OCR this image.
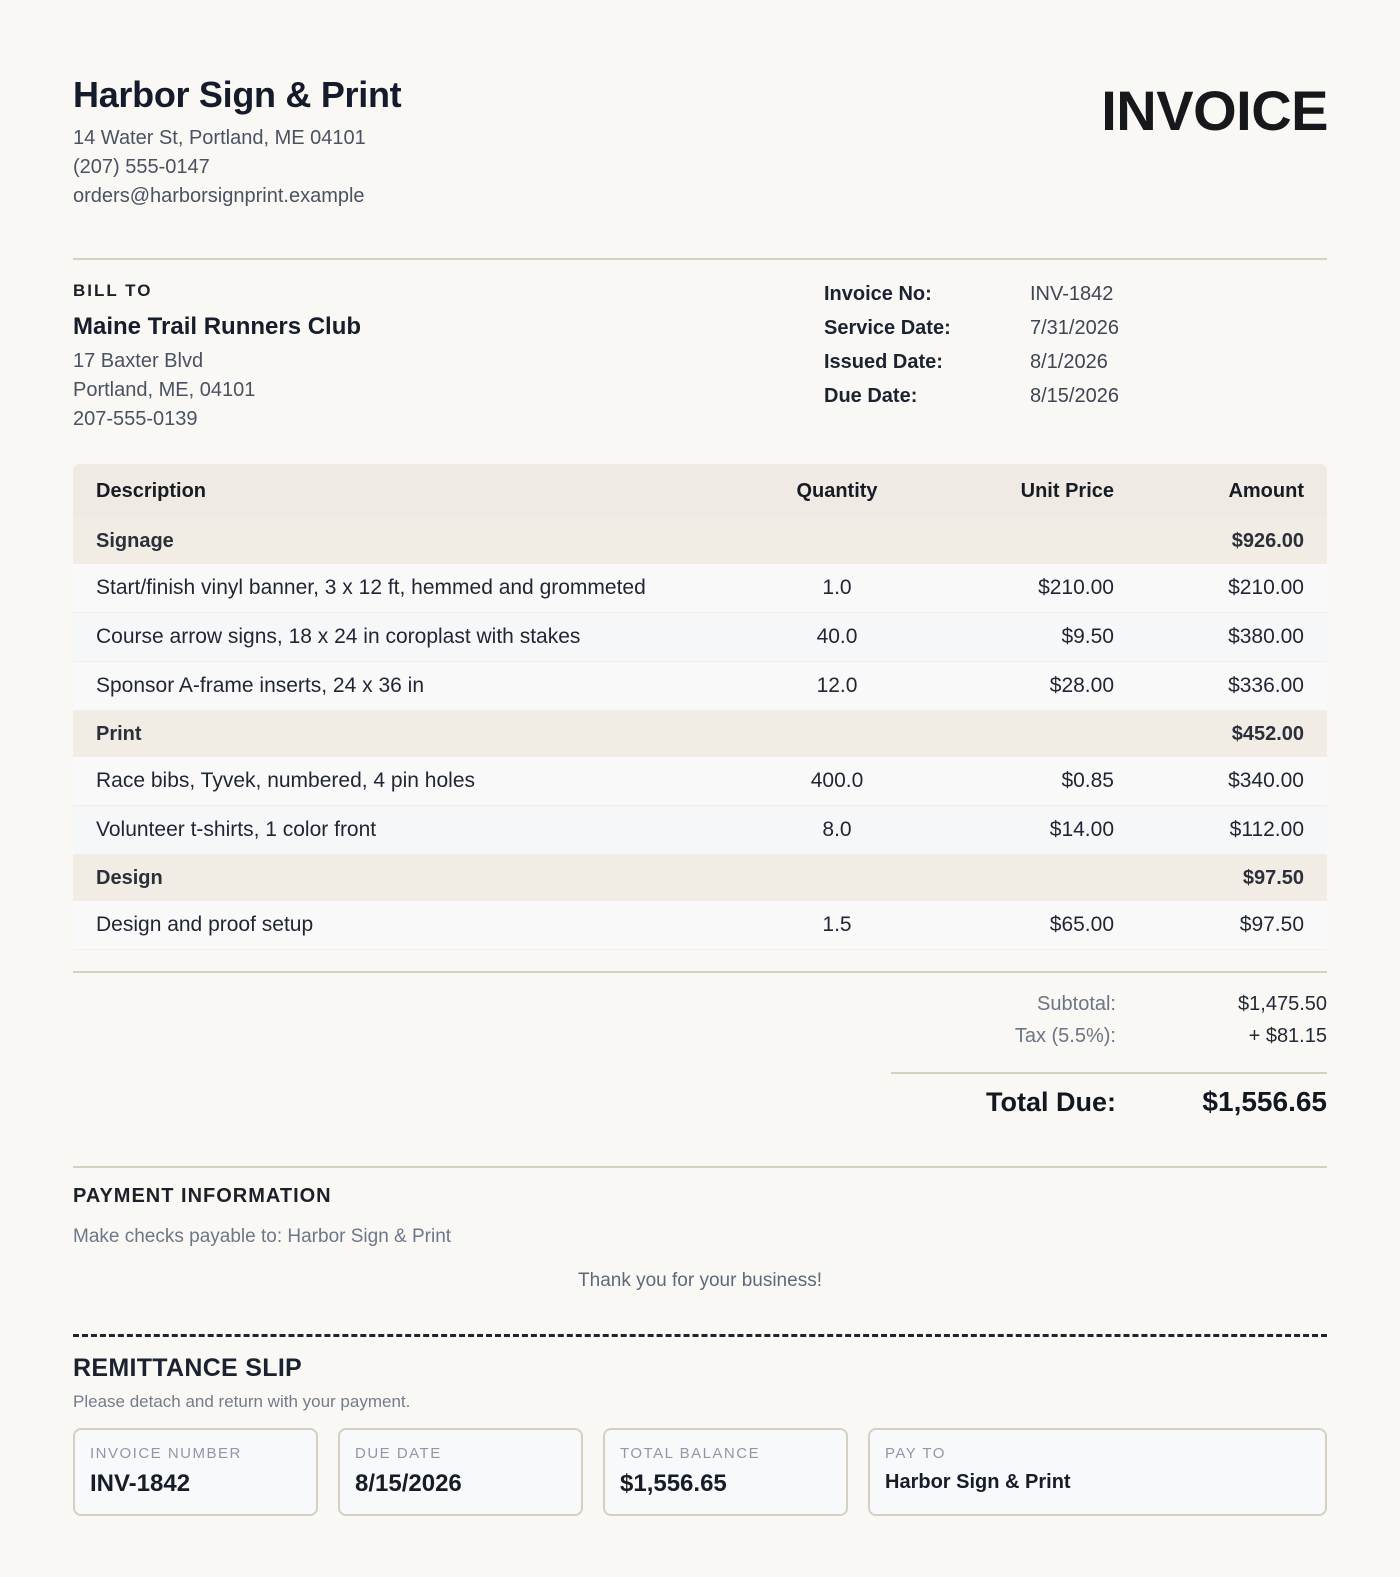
Harbor Sign & Print
14 Water St, Portland, ME 04101
(207) 555-0147
orders@harborsignprint.example
INVOICE
BILL TO
Maine Trail Runners Club
17 Baxter Blvd
Portland, ME, 04101
207-555-0139
Invoice No:	INV-1842
Service Date:	7/31/2026
Issued Date:	8/1/2026
Due Date:	8/15/2026
Description	Quantity	Unit Price	Amount
Signage	$926.00
Start/finish vinyl banner, 3 x 12 ft, hemmed and grommeted	1.0	$210.00	$210.00
Course arrow signs, 18 x 24 in coroplast with stakes	40.0	$9.50	$380.00
Sponsor A-frame inserts, 24 x 36 in	12.0	$28.00	$336.00
Print	$452.00
Race bibs, Tyvek, numbered, 4 pin holes	400.0	$0.85	$340.00
Volunteer t-shirts, 1 color front	8.0	$14.00	$112.00
Design	$97.50
Design and proof setup	1.5	$65.00	$97.50
Subtotal:	$1,475.50
Tax (5.5%):	+ $81.15
Total Due:	$1,556.65
PAYMENT INFORMATION
Make checks payable to: Harbor Sign & Print
Thank you for your business!
REMITTANCE SLIP
Please detach and return with your payment.
INVOICE NUMBER
INV-1842
DUE DATE
8/15/2026
TOTAL BALANCE
$1,556.65
PAY TO
Harbor Sign & Print
